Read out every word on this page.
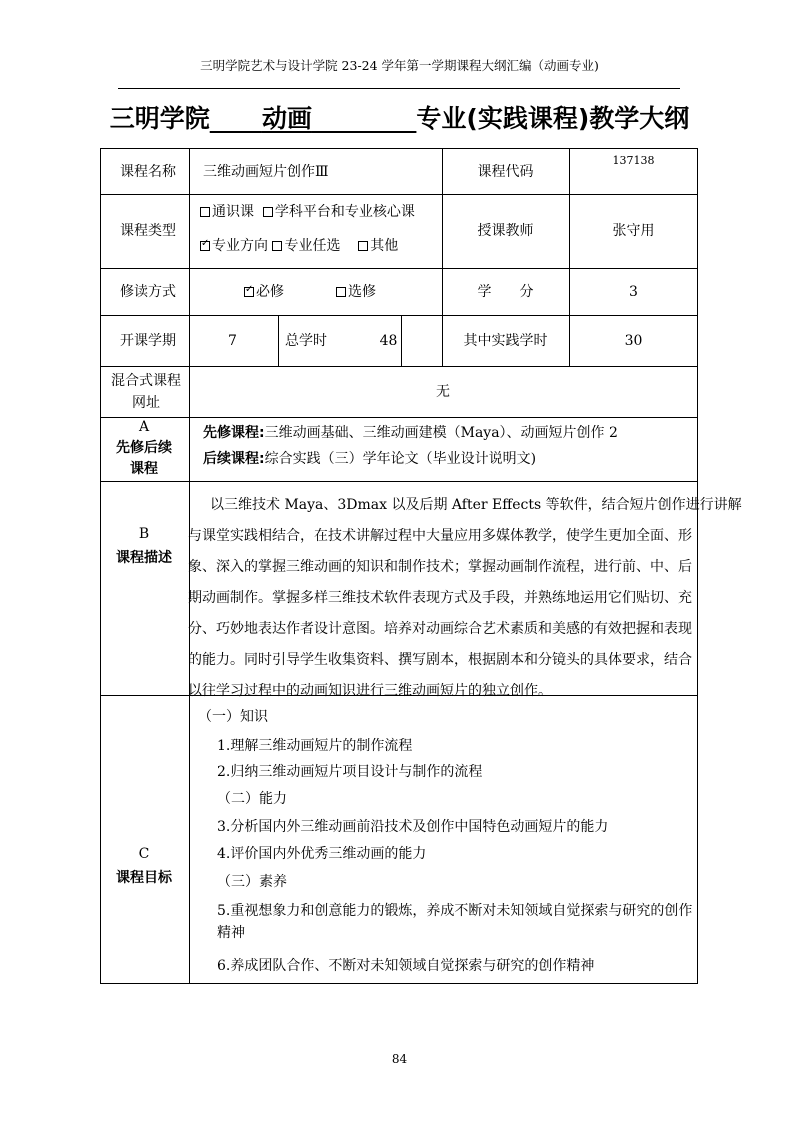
三明学院艺术与设计学院 23-24 学年第一学期课程大纲汇编（动画专业)
三明学院 动画	专业(实践课程)教学大纲
课程名称	三维动画短片创作Ⅲ	课程代码
137138
课程类型
通识课 学科平台和专业核心课
✓专业方向 专业任选 其他
授课教师	张守用
修读方式
✓	必修	选修	学　　分	3
开课学期	7	总学时	48	其中实践学时	30
混合式课程网址
无
A
先修后续课程
先修课程:三维动画基础、三维动画建模（Maya）、动画短片创作 2
后续课程:综合实践（三）学年论文（毕业设计说明文)
B
课程描述
以三维技术 Maya、3Dmax 以及后期 After Effects 等软件，结合短片创作进行讲解
与课堂实践相结合，在技术讲解过程中大量应用多媒体教学，使学生更加全面、形
象、深入的掌握三维动画的知识和制作技术；掌握动画制作流程，进行前、中、后
期动画制作。掌握多样三维技术软件表现方式及手段，并熟练地运用它们贴切、充
分、巧妙地表达作者设计意图。培养对动画综合艺术素质和美感的有效把握和表现
的能力。同时引导学生收集资料、撰写剧本，根据剧本和分镜头的具体要求，结合
以往学习过程中的动画知识进行三维动画短片的独立创作。
C
课程目标
（一）知识
1.理解三维动画短片的制作流程
2.归纳三维动画短片项目设计与制作的流程
（二）能力
3.分析国内外三维动画前沿技术及创作中国特色动画短片的能力
4.评价国内外优秀三维动画的能力
（三）素养
5.重视想象力和创意能力的锻炼，养成不断对未知领域自觉探索与研究的创作
精神
6.养成团队合作、不断对未知领域自觉探索与研究的创作精神
84
